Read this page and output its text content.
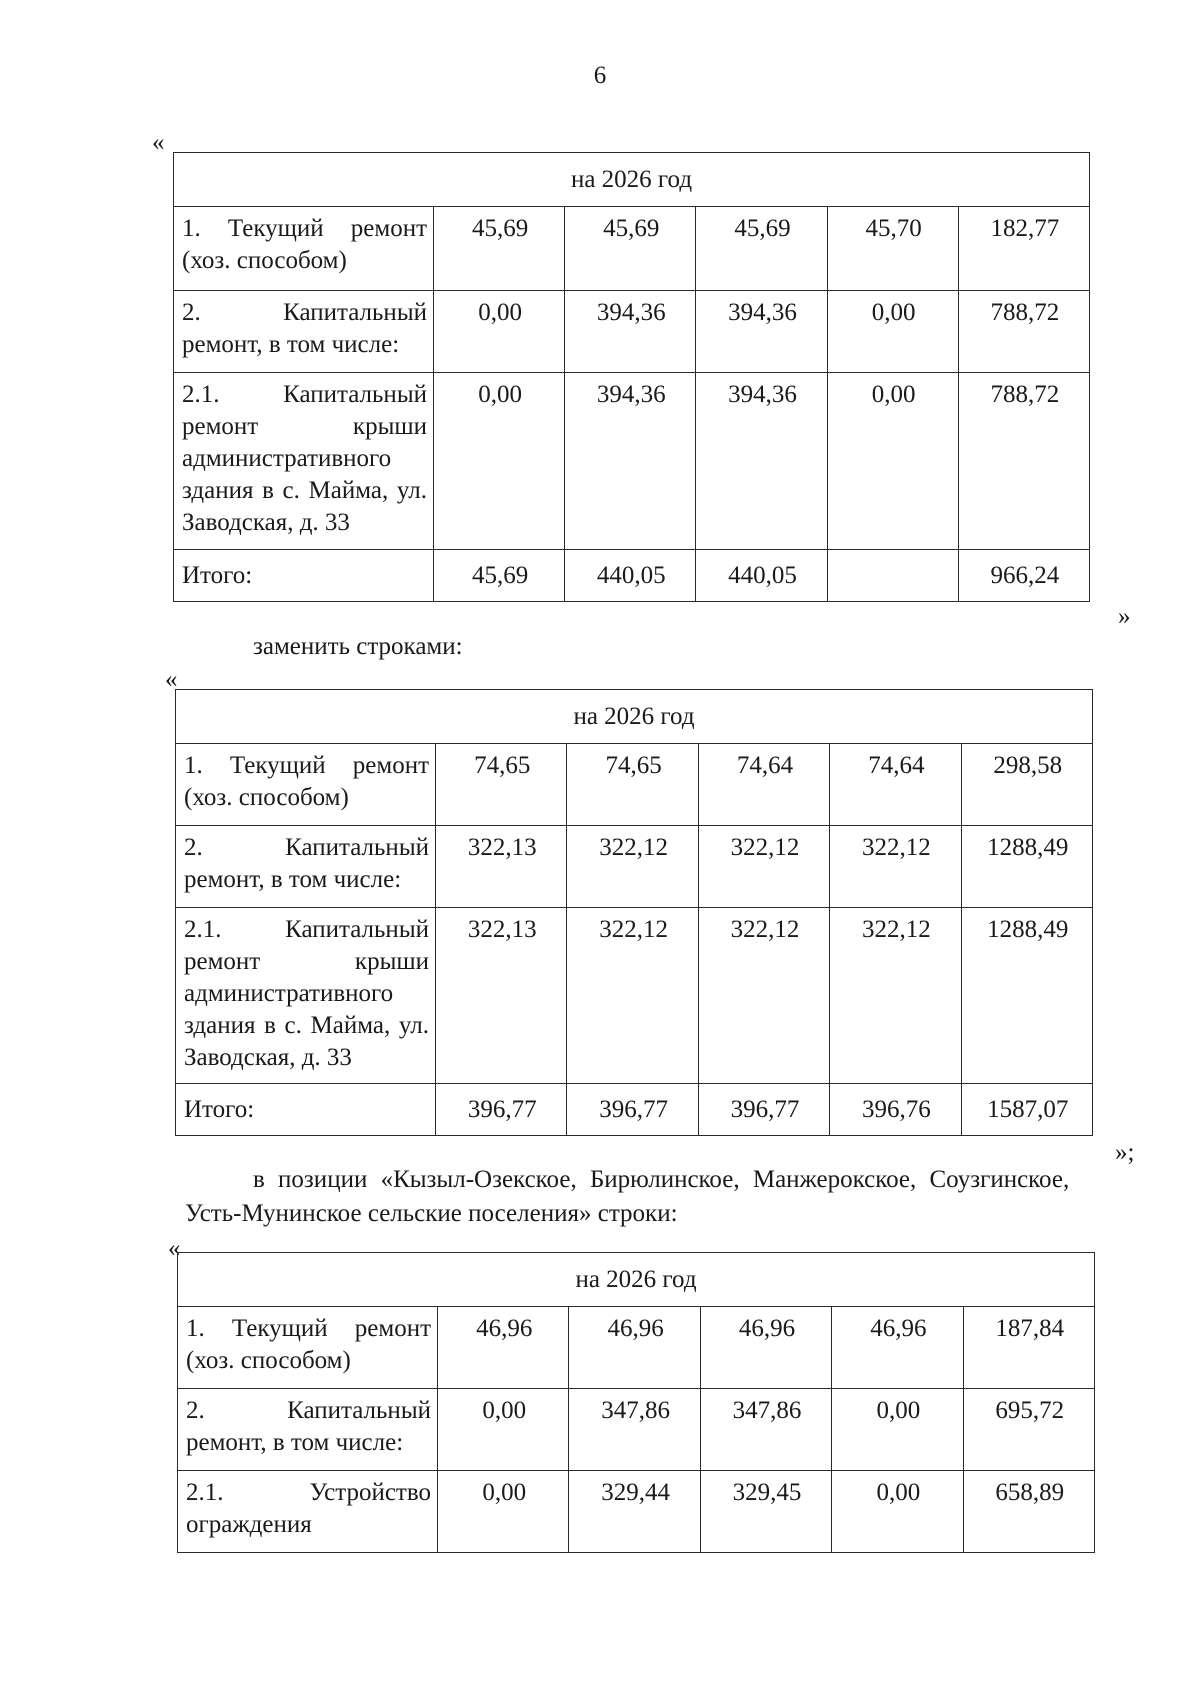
6
«
на 2026 год					
1. Текущий ремонт (хоз. способом)	45,69	45,69	45,69	45,70	182,77
2. Капитальный ремонт, в том числе:	0,00	394,36	394,36	0,00	788,72
2.1. Капитальный ремонт крыши административного здания в с. Майма, ул. Заводская, д. 33	0,00	394,36	394,36	0,00	788,72
Итого:	45,69	440,05	440,05		966,24
»
заменить строками:
«
на 2026 год					
1. Текущий ремонт (хоз. способом)	74,65	74,65	74,64	74,64	298,58
2. Капитальный ремонт, в том числе:	322,13	322,12	322,12	322,12	1288,49
2.1. Капитальный ремонт крыши административного здания в с. Майма, ул. Заводская, д. 33	322,13	322,12	322,12	322,12	1288,49
Итого:	396,77	396,77	396,77	396,76	1587,07
»;
в позиции «Кызыл-Озекское, Бирюлинское, Манжерокское, Соузгинское,
Усть-Мунинское сельские поселения» строки:
«
на 2026 год					
1. Текущий ремонт (хоз. способом)	46,96	46,96	46,96	46,96	187,84
2. Капитальный ремонт, в том числе:	0,00	347,86	347,86	0,00	695,72
2.1. Устройство ограждения	0,00	329,44	329,45	0,00	658,89
